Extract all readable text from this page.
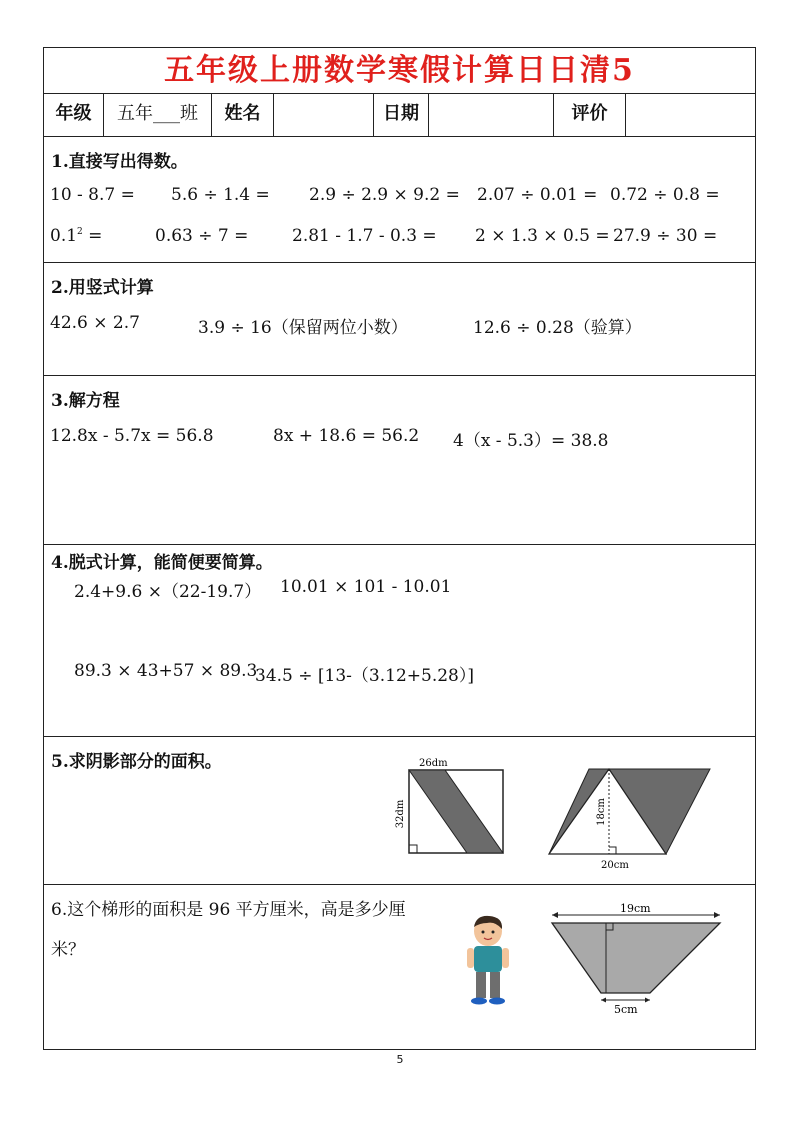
五年级上册数学寒假计算日日清5
年级	五年___班	姓名	日期	评价
1.直接写出得数。
10 - 8.7 = 5.6 ÷ 1.4 = 2.9 ÷ 2.9 × 9.2 = 2.07 ÷ 0.01 = 0.72 ÷ 0.8 =
$0.1^2$ =	0.63 ÷ 7 =	2.81 - 1.7 - 0.3 = 2 × 1.3 × 0.5 = 27.9 ÷ 30 =
2.用竖式计算
42.6 × 2.7	3.9 ÷ 16（保留两位小数）	12.6 ÷ 0.28（验算）
3.解方程
12.8x - 5.7x = 56.8	8x + 18.6 = 56.2 4（x - 5.3）= 38.8
4.脱式计算，能简便要简算。
2.4+9.6 ×（22-19.7） 10.01 × 101 - 10.01
89.3 × 43+57 × 89.3
34.5 ÷ [13-（3.12+5.28）]
5.求阴影部分的面积。	26dm
32dm	18cm
20cm
6.这个梯形的面积是 96 平方厘米，高是多少厘
米？
19cm
5cm
5
